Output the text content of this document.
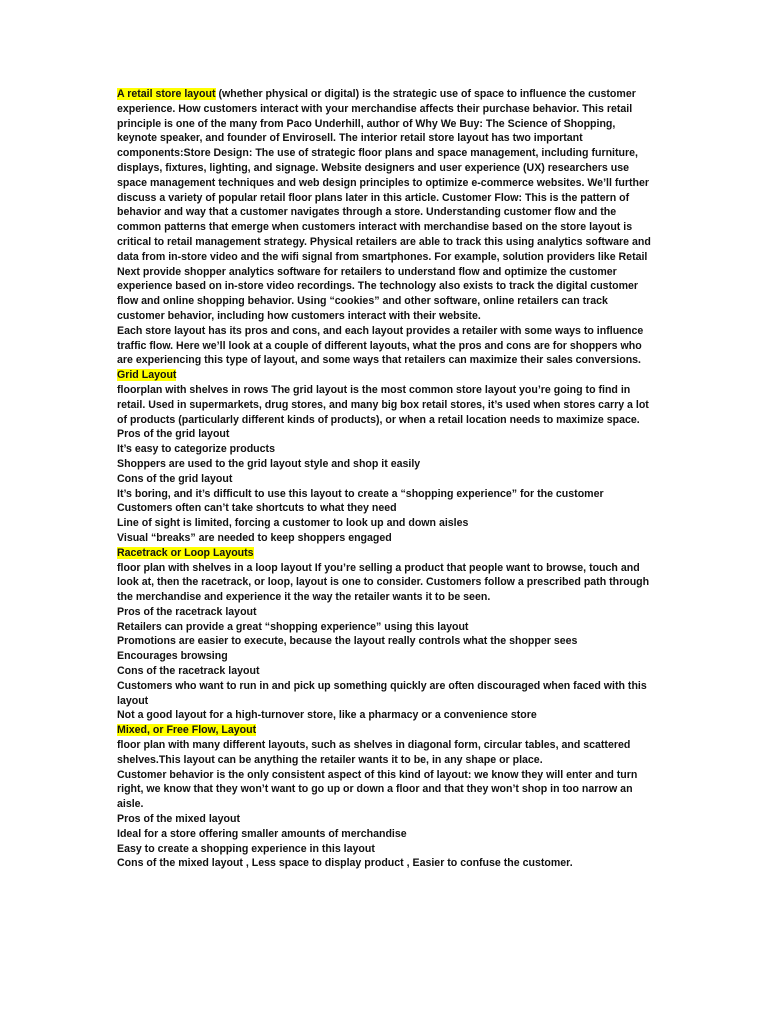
A retail store layout (whether physical or digital) is the strategic use of space to influence the customer experience. How customers interact with your merchandise affects their purchase behavior. This retail principle is one of the many from Paco Underhill, author of Why We Buy: The Science of Shopping, keynote speaker, and founder of Envirosell. The interior retail store layout has two important components:Store Design: The use of strategic floor plans and space management, including furniture, displays, fixtures, lighting, and signage. Website designers and user experience (UX) researchers use space management techniques and web design principles to optimize e-commerce websites. We’ll further discuss a variety of popular retail floor plans later in this article. Customer Flow: This is the pattern of behavior and way that a customer navigates through a store. Understanding customer flow and the common patterns that emerge when customers interact with merchandise based on the store layout is critical to retail management strategy. Physical retailers are able to track this using analytics software and data from in-store video and the wifi signal from smartphones. For example, solution providers like Retail Next provide shopper analytics software for retailers to understand flow and optimize the customer experience based on in-store video recordings. The technology also exists to track the digital customer flow and online shopping behavior. Using “cookies” and other software, online retailers can track customer behavior, including how customers interact with their website.

Each store layout has its pros and cons, and each layout provides a retailer with some ways to influence traffic flow. Here we’ll look at a couple of different layouts, what the pros and cons are for shoppers who are experiencing this type of layout, and some ways that retailers can maximize their sales conversions.

Grid Layout

floorplan with shelves in rows The grid layout is the most common store layout you’re going to find in retail. Used in supermarkets, drug stores, and many big box retail stores, it’s used when stores carry a lot of products (particularly different kinds of products), or when a retail location needs to maximize space.

Pros of the grid layout

It’s easy to categorize products

Shoppers are used to the grid layout style and shop it easily

Cons of the grid layout

It’s boring, and it’s difficult to use this layout to create a “shopping experience” for the customer

Customers often can’t take shortcuts to what they need

Line of sight is limited, forcing a customer to look up and down aisles

Visual “breaks” are needed to keep shoppers engaged

Racetrack or Loop Layouts

floor plan with shelves in a loop layout If you’re selling a product that people want to browse, touch and look at, then the racetrack, or loop, layout is one to consider. Customers follow a prescribed path through the merchandise and experience it the way the retailer wants it to be seen.

Pros of the racetrack layout

Retailers can provide a great “shopping experience” using this layout

Promotions are easier to execute, because the layout really controls what the shopper sees

Encourages browsing

Cons of the racetrack layout

Customers who want to run in and pick up something quickly are often discouraged when faced with this layout

Not a good layout for a high-turnover store, like a pharmacy or a convenience store

Mixed, or Free Flow, Layout

floor plan with many different layouts, such as shelves in diagonal form, circular tables, and scattered shelves.This layout can be anything the retailer wants it to be, in any shape or place.

Customer behavior is the only consistent aspect of this kind of layout: we know they will enter and turn right, we know that they won’t want to go up or down a floor and that they won’t shop in too narrow an aisle.

Pros of the mixed layout

Ideal for a store offering smaller amounts of merchandise

Easy to create a shopping experience in this layout

Cons of the mixed layout , Less space to display product , Easier to confuse the customer.
